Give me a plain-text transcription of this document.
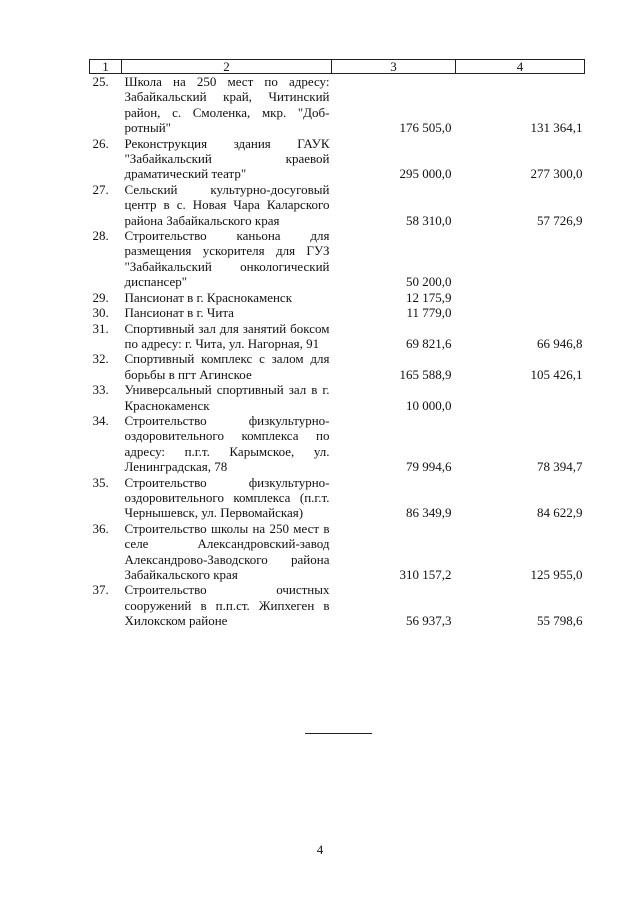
1	2	3	4
25.	Школа на 250 мест по адресу: Забайкальский край, Читинский район, с. Смоленка, мкр. "Доб-ротный"	176 505,0	131 364,1
26.	Реконструкция здания ГАУК "Забайкальский краевой драматический театр"	295 000,0	277 300,0
27.	Сельский культурно-досуговый центр в с. Новая Чара Каларского района Забайкальского края	58 310,0	57 726,9
28.	Строительство каньона для размещения ускорителя для ГУЗ "Забайкальский онкологический диспансер"	50 200,0	
29.	Пансионат в г. Краснокаменск	12 175,9	
30.	Пансионат в г. Чита	11 779,0	
31.	Спортивный зал для занятий боксом по адресу: г. Чита, ул. Нагорная, 91	69 821,6	66 946,8
32.	Спортивный комплекс с залом для борьбы в пгт Агинское	165 588,9	105 426,1
33.	Универсальный спортивный зал в г. Краснокаменск	10 000,0	
34.	Строительство физкультурно-оздоровительного комплекса по адресу: п.г.т. Карымское, ул. Ленинградская, 78	79 994,6	78 394,7
35.	Строительство физкультурно-оздоровительного комплекса (п.г.т. Чернышевск, ул. Первомайская)	86 349,9	84 622,9
36.	Строительство школы на 250 мест в селе Александровский-завод Александрово-Заводского района Забайкальского края	310 157,2	125 955,0
37.	Строительство очистных сооружений в п.п.ст. Жипхеген в Хилокском районе	56 937,3	55 798,6
4
